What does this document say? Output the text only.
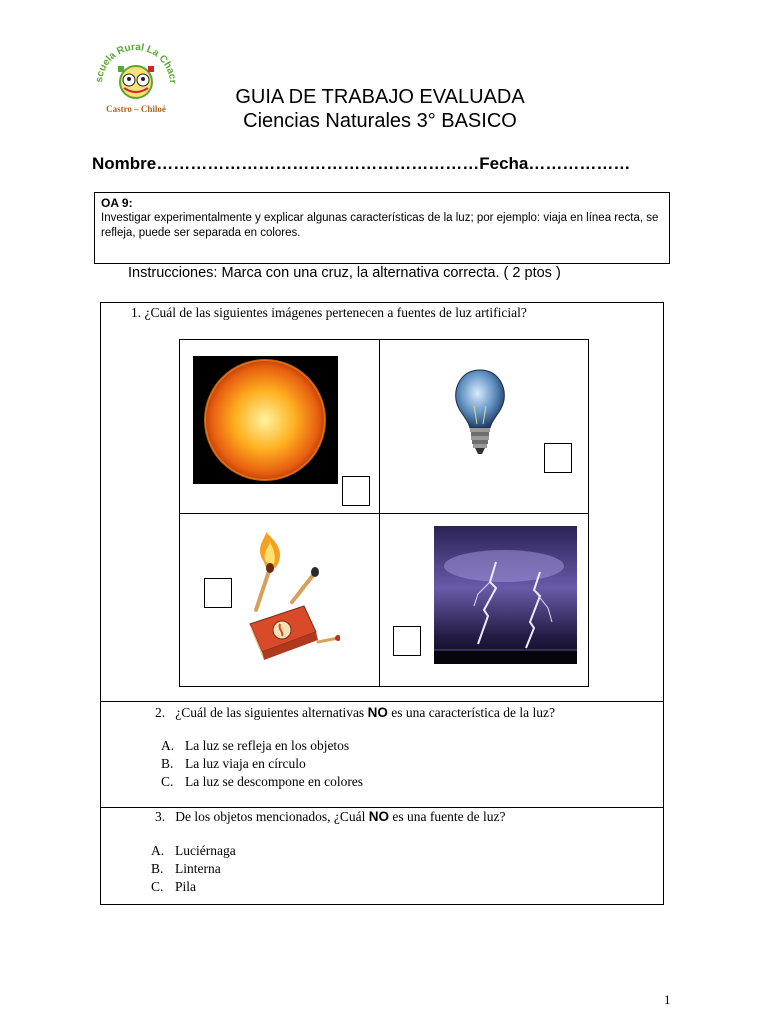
scuela Rural La Chacr
Castro – Chiloé
GUIA DE TRABAJO EVALUADA
Ciencias Naturales 3° BASICO
Nombre…………………………………………………Fecha………………
OA 9:
Investigar experimentalmente y explicar algunas características de la luz; por ejemplo: viaja en línea recta, se refleja, puede ser separada en colores.
Instrucciones: Marca con una cruz, la alternativa correcta. ( 2 ptos )
1. ¿Cuál de las siguientes imágenes pertenecen a fuentes de luz artificial?
2. ¿Cuál de las siguientes alternativas NO es una característica de la luz?
A. La luz se refleja en los objetos
B. La luz viaja en círculo
C. La luz se descompone en colores
3. De los objetos mencionados, ¿Cuál NO es una fuente de luz?
A. Luciérnaga
B. Linterna
C. Pila
1
